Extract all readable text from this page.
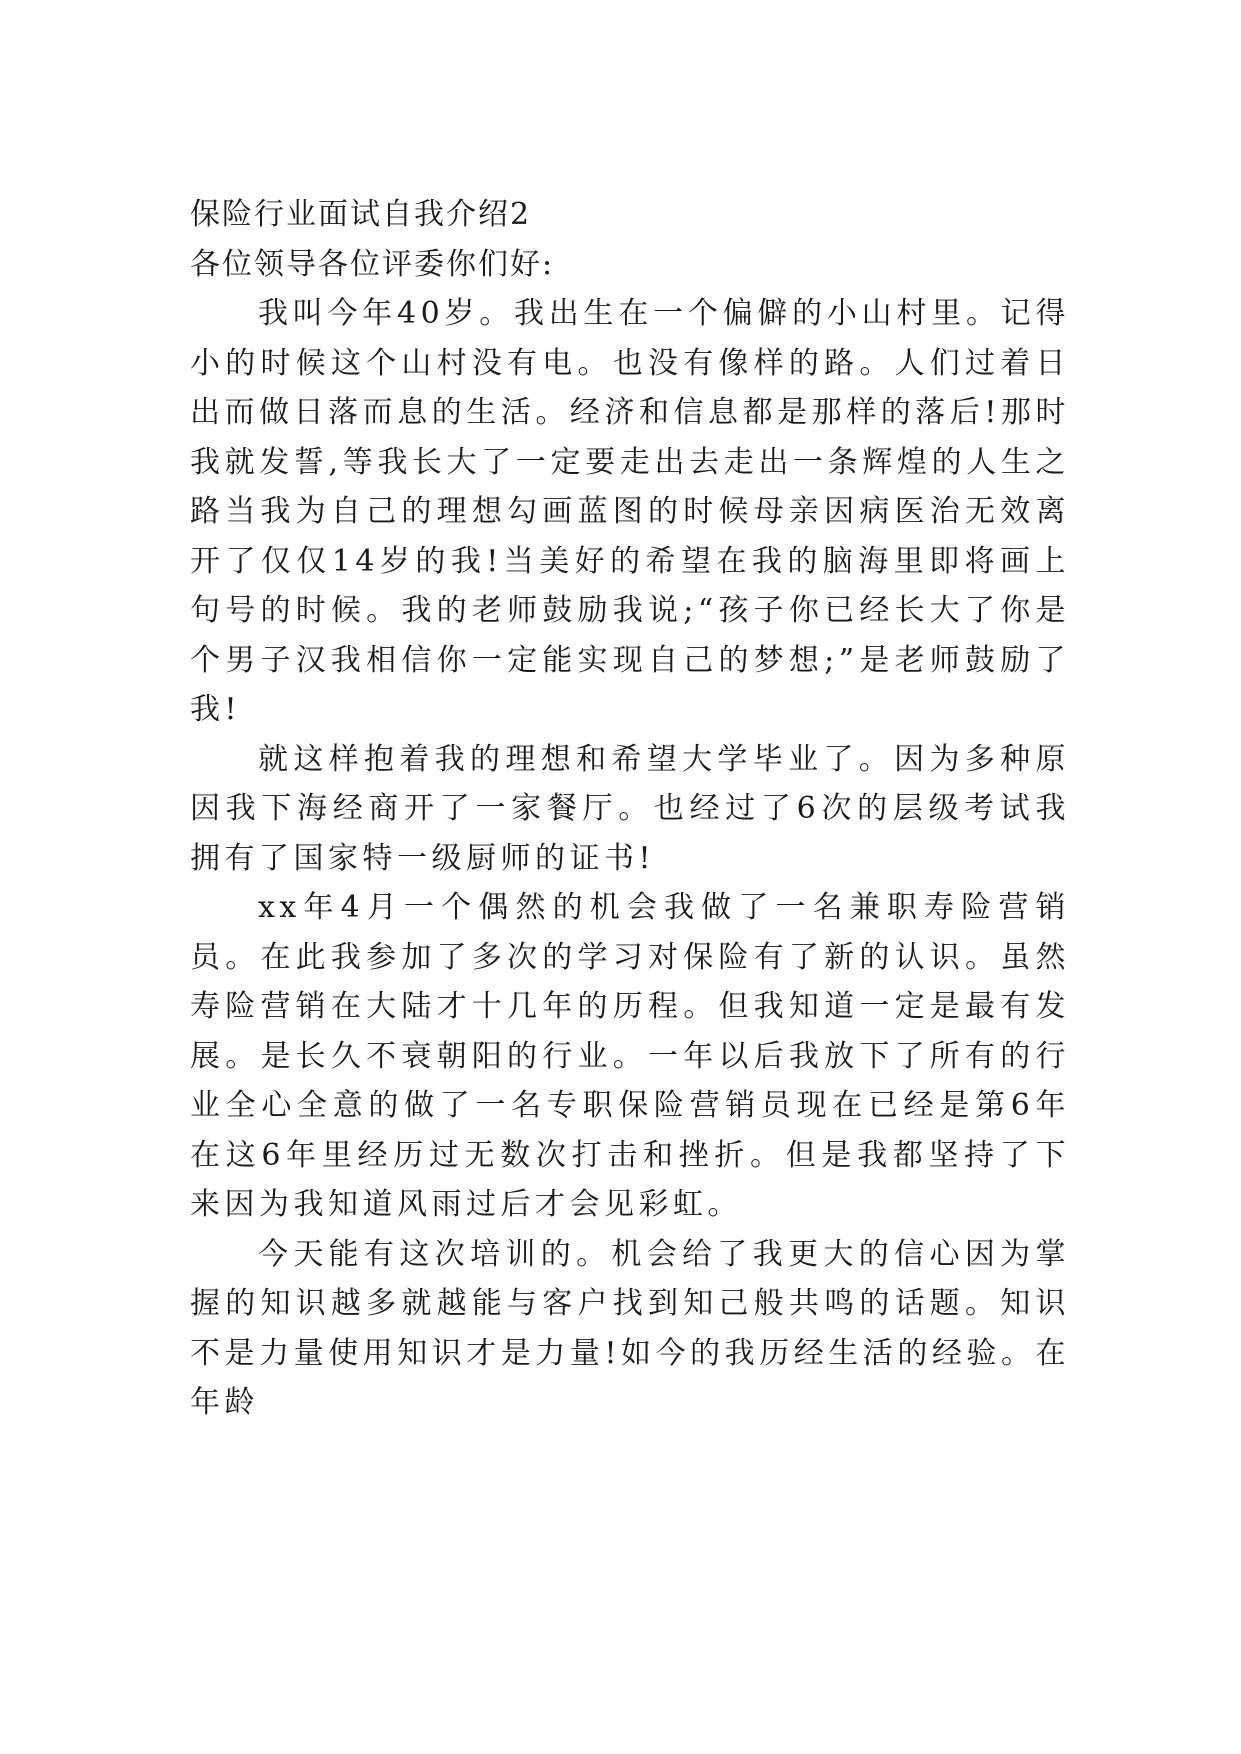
保险行业面试自我介绍2

各位领导各位评委你们好:

我叫今年40岁。我出生在一个偏僻的小山村里。记得小的时候这个山村没有电。也没有像样的路。人们过着日出而做日落而息的生活。经济和信息都是那样的落后!那时我就发誓,等我长大了一定要走出去走出一条辉煌的人生之路当我为自己的理想勾画蓝图的时候母亲因病医治无效离开了仅仅14岁的我!当美好的希望在我的脑海里即将画上句号的时候。我的老师鼓励我说;“孩子你已经长大了你是个男子汉我相信你一定能实现自己的梦想;”是老师鼓励了我!

就这样抱着我的理想和希望大学毕业了。因为多种原因我下海经商开了一家餐厅。也经过了6次的层级考试我拥有了国家特一级厨师的证书!

xx年4月一个偶然的机会我做了一名兼职寿险营销员。在此我参加了多次的学习对保险有了新的认识。虽然寿险营销在大陆才十几年的历程。但我知道一定是最有发展。是长久不衰朝阳的行业。一年以后我放下了所有的行业全心全意的做了一名专职保险营销员现在已经是第6年在这6年里经历过无数次打击和挫折。但是我都坚持了下来因为我知道风雨过后才会见彩虹。

今天能有这次培训的。机会给了我更大的信心因为掌握的知识越多就越能与客户找到知己般共鸣的话题。知识不是力量使用知识才是力量!如今的我历经生活的经验。在年龄
